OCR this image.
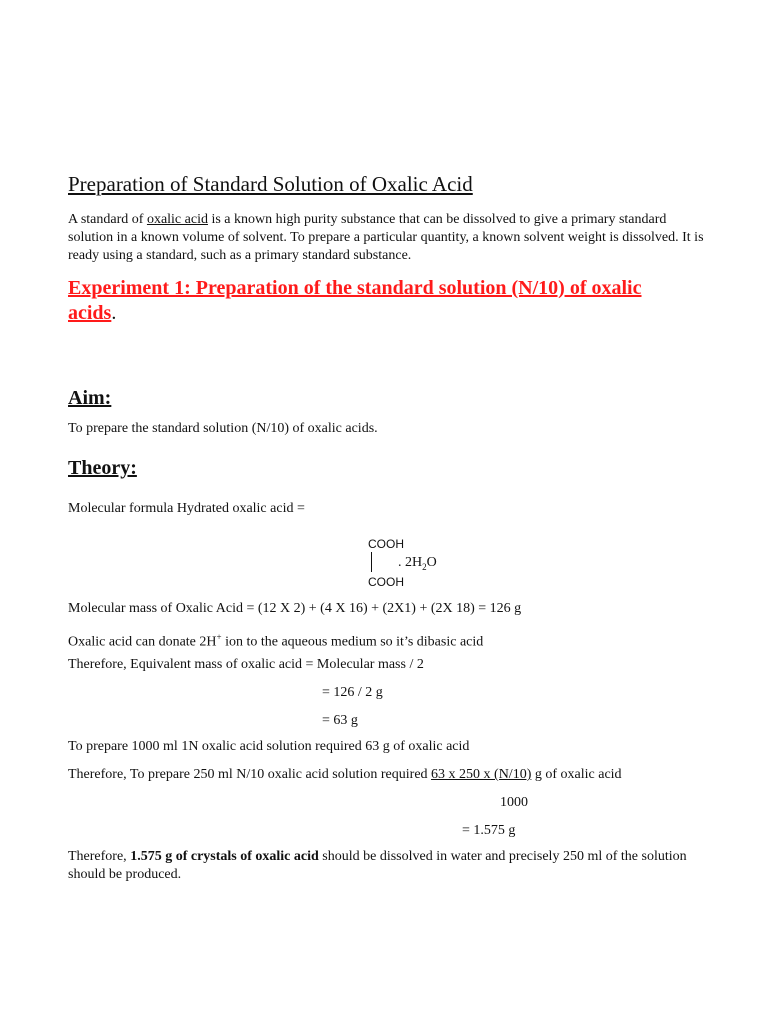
Preparation of Standard Solution of Oxalic Acid
A standard of oxalic acid is a known high purity substance that can be dissolved to give a primary standard solution in a known volume of solvent. To prepare a particular quantity, a known solvent weight is dissolved. It is ready using a standard, such as a primary standard substance.
Experiment 1: Preparation of the standard solution (N/10) of oxalic acids.
Aim:
To prepare the standard solution (N/10) of oxalic acids.
Theory:
Molecular formula Hydrated oxalic acid =
COOH
. $2H_2O$
COOH
Molecular mass of Oxalic Acid = (12 X 2) + (4 X 16) + (2X1) + (2X 18) = 126 g
Oxalic acid can donate 2H+ ion to the aqueous medium so it’s dibasic acid
Therefore, Equivalent mass of oxalic acid = Molecular mass / 2
= 126 / 2 g
= 63 g
To prepare 1000 ml 1N oxalic acid solution required 63 g of oxalic acid
Therefore, To prepare 250 ml N/10 oxalic acid solution required 63 x 250 x (N/10) g of oxalic acid
1000
= 1.575 g
Therefore, 1.575 g of crystals of oxalic acid should be dissolved in water and precisely 250 ml of the solution should be produced.
